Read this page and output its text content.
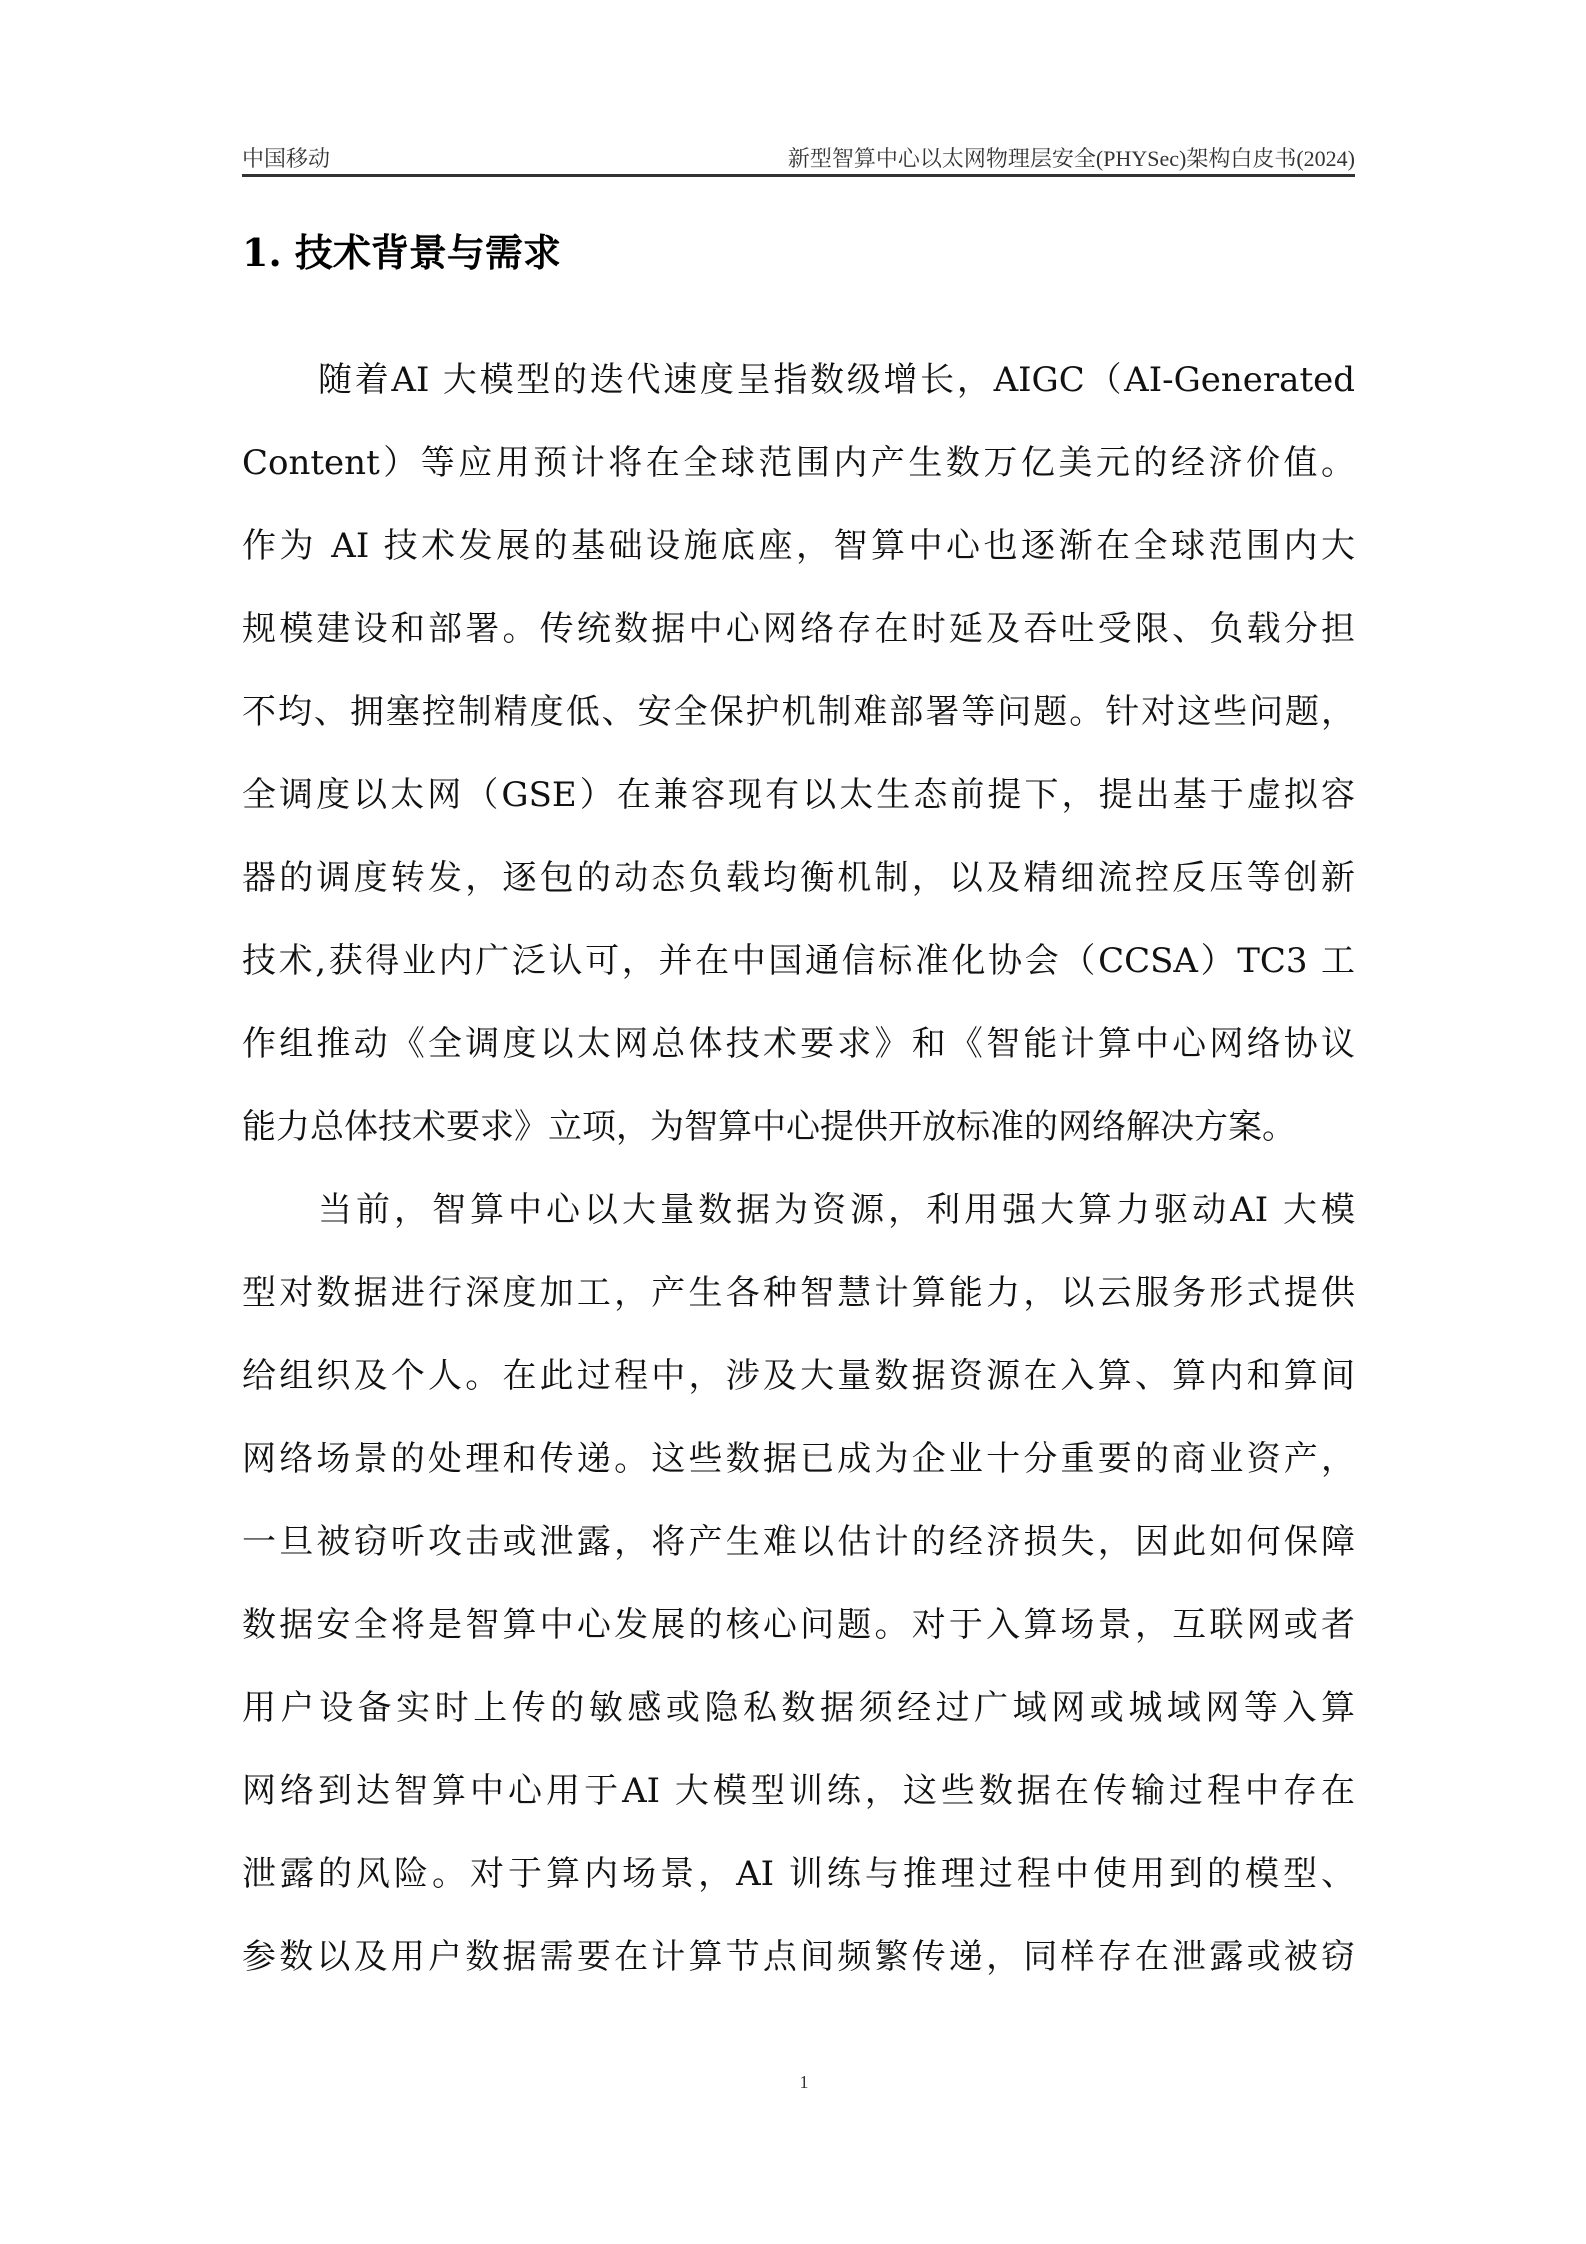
中国移动	新型智算中心以太网物理层安全(PHYSec)架构白皮书(2024)
1. 技术背景与需求
随着AI 大模型的迭代速度呈指数级增长，AIGC（AI-Generated
Content）等应用预计将在全球范围内产生数万亿美元的经济价值。
作为 AI 技术发展的基础设施底座，智算中心也逐渐在全球范围内大
规模建设和部署。传统数据中心网络存在时延及吞吐受限、负载分担
不均、拥塞控制精度低、安全保护机制难部署等问题。针对这些问题，
全调度以太网（GSE）在兼容现有以太生态前提下，提出基于虚拟容
器的调度转发，逐包的动态负载均衡机制，以及精细流控反压等创新
技术,获得业内广泛认可，并在中国通信标准化协会（CCSA）TC3 工
作组推动《全调度以太网总体技术要求》和《智能计算中心网络协议
能力总体技术要求》立项，为智算中心提供开放标准的网络解决方案。
当前，智算中心以大量数据为资源，利用强大算力驱动AI 大模
型对数据进行深度加工，产生各种智慧计算能力，以云服务形式提供
给组织及个人。在此过程中，涉及大量数据资源在入算、算内和算间
网络场景的处理和传递。这些数据已成为企业十分重要的商业资产，
一旦被窃听攻击或泄露，将产生难以估计的经济损失，因此如何保障
数据安全将是智算中心发展的核心问题。对于入算场景，互联网或者
用户设备实时上传的敏感或隐私数据须经过广域网或城域网等入算
网络到达智算中心用于AI 大模型训练，这些数据在传输过程中存在
泄露的风险。对于算内场景，AI 训练与推理过程中使用到的模型、
参数以及用户数据需要在计算节点间频繁传递，同样存在泄露或被窃
1
